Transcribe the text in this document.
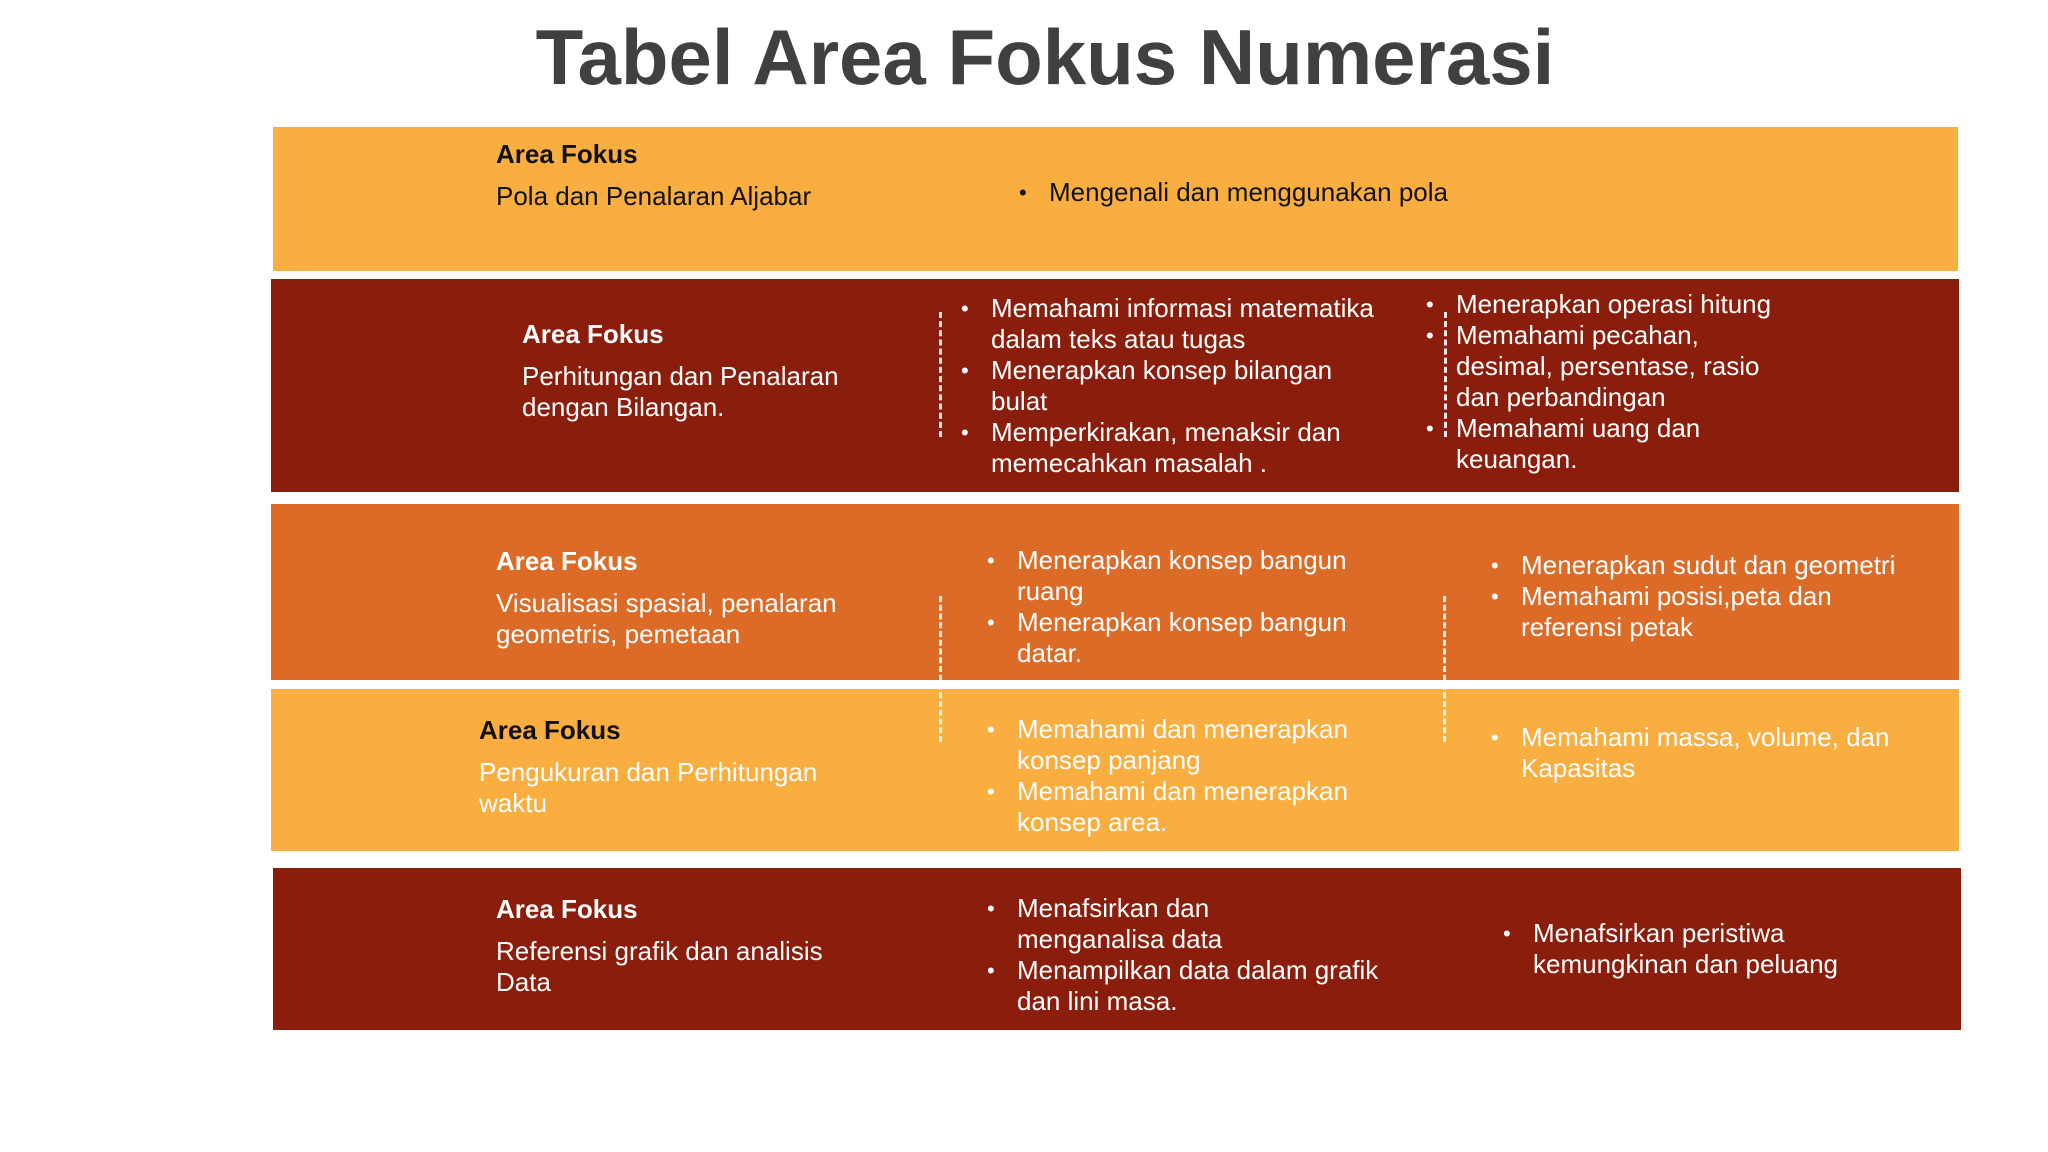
Tabel Area Fokus Numerasi
Area Fokus
Pola dan Penalaran Aljabar
•	Mengenali dan menggunakan pola
Area Fokus
Perhitungan dan Penalaran dengan Bilangan.
• Memahami informasi matematika dalam teks atau tugas
• Menerapkan konsep bilangan bulat
• Memperkirakan, menaksir dan memecahkan masalah .
• Menerapkan operasi hitung
• Memahami pecahan, desimal, persentase, rasio dan perbandingan
• Memahami uang dan keuangan.
Area Fokus
Visualisasi spasial, penalaran geometris, pemetaan
• Menerapkan konsep bangun ruang
• Menerapkan konsep bangun datar.
• Menerapkan sudut dan geometri
• Memahami posisi,peta dan referensi petak
Area Fokus
Pengukuran dan Perhitungan waktu
• Memahami dan menerapkan konsep panjang
• Memahami dan menerapkan konsep area.
• Memahami massa, volume, dan Kapasitas
Area Fokus
Referensi grafik dan analisis Data
• Menafsirkan dan menganalisa data
• Menampilkan data dalam grafik dan lini masa.
• Menafsirkan peristiwa kemungkinan dan peluang
